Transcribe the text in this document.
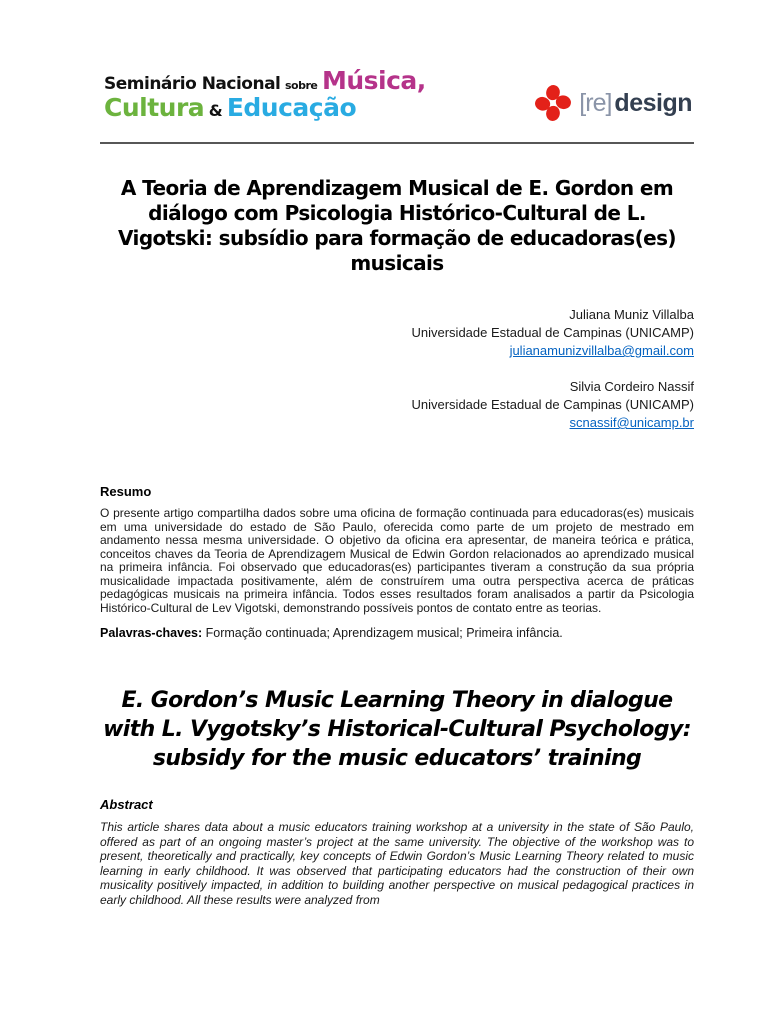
Seminário Nacional sobre Música,
Cultura & Educação	[re] design
A Teoria de Aprendizagem Musical de E. Gordon em diálogo com Psicologia Histórico-Cultural de L. Vigotski: subsídio para formação de educadoras(es) musicais
Juliana Muniz Villalba
Universidade Estadual de Campinas (UNICAMP)
julianamunizvillalba@gmail.com
Silvia Cordeiro Nassif
Universidade Estadual de Campinas (UNICAMP)
scnassif@unicamp.br
Resumo

O presente artigo compartilha dados sobre uma oficina de formação continuada para educadoras(es) musicais em uma universidade do estado de São Paulo, oferecida como parte de um projeto de mestrado em andamento nessa mesma universidade. O objetivo da oficina era apresentar, de maneira teórica e prática, conceitos chaves da Teoria de Aprendizagem Musical de Edwin Gordon relacionados ao aprendizado musical na primeira infância. Foi observado que educadoras(es) participantes tiveram a construção da sua própria musicalidade impactada positivamente, além de construírem uma outra perspectiva acerca de práticas pedagógicas musicais na primeira infância. Todos esses resultados foram analisados a partir da Psicologia Histórico-Cultural de Lev Vigotski, demonstrando possíveis pontos de contato entre as teorias.

Palavras-chaves: Formação continuada; Aprendizagem musical; Primeira infância.

E. Gordon’s Music Learning Theory in dialogue with L. Vygotsky’s Historical-Cultural Psychology: subsidy for the music educators’ training
Abstract

This article shares data about a music educators training workshop at a university in the state of São Paulo, offered as part of an ongoing master’s project at the same university. The objective of the workshop was to present, theoretically and practically, key concepts of Edwin Gordon’s Music Learning Theory related to music learning in early childhood. It was observed that participating educators had the construction of their own musicality positively impacted, in addition to building another perspective on musical pedagogical practices in early childhood. All these results were analyzed from
